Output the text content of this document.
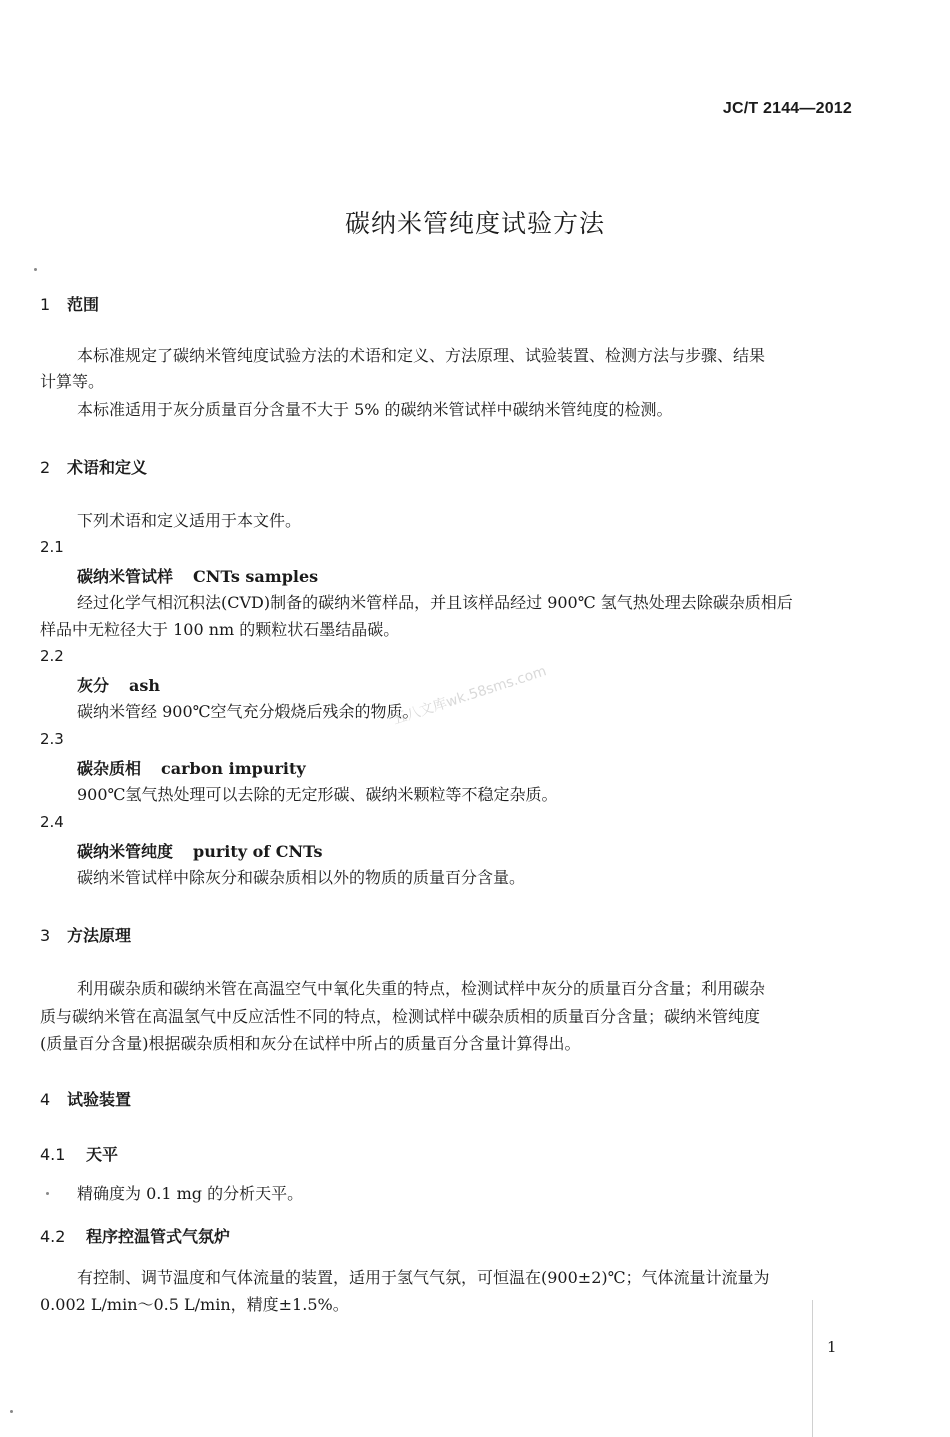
JC/T 2144—2012
碳纳米管纯度试验方法
1 范围
本标准规定了碳纳米管纯度试验方法的术语和定义、方法原理、试验装置、检测方法与步骤、结果
计算等。
本标准适用于灰分质量百分含量不大于 5% 的碳纳米管试样中碳纳米管纯度的检测。
2 术语和定义
下列术语和定义适用于本文件。
2.1
碳纳米管试样 CNTs samples
经过化学气相沉积法(CVD)制备的碳纳米管样品，并且该样品经过 900℃ 氢气热处理去除碳杂质相后
样品中无粒径大于 100 nm 的颗粒状石墨结晶碳。
2.2
灰分 ash
碳纳米管经 900℃空气充分煅烧后残余的物质。
2.3
碳杂质相 carbon impurity
900℃氢气热处理可以去除的无定形碳、碳纳米颗粒等不稳定杂质。
2.4
碳纳米管纯度 purity of CNTs
碳纳米管试样中除灰分和碳杂质相以外的物质的质量百分含量。
3 方法原理
利用碳杂质和碳纳米管在高温空气中氧化失重的特点，检测试样中灰分的质量百分含量；利用碳杂
质与碳纳米管在高温氢气中反应活性不同的特点，检测试样中碳杂质相的质量百分含量；碳纳米管纯度
(质量百分含量)根据碳杂质相和灰分在试样中所占的质量百分含量计算得出。
4 试验装置
4.1 天平
精确度为 0.1 mg 的分析天平。
4.2 程序控温管式气氛炉
有控制、调节温度和气体流量的装置，适用于氢气气氛，可恒温在(900±2)℃；气体流量计流量为
0.002 L/min～0.5 L/min，精度±1.5%。
五八文库wk.58sms.com
1
